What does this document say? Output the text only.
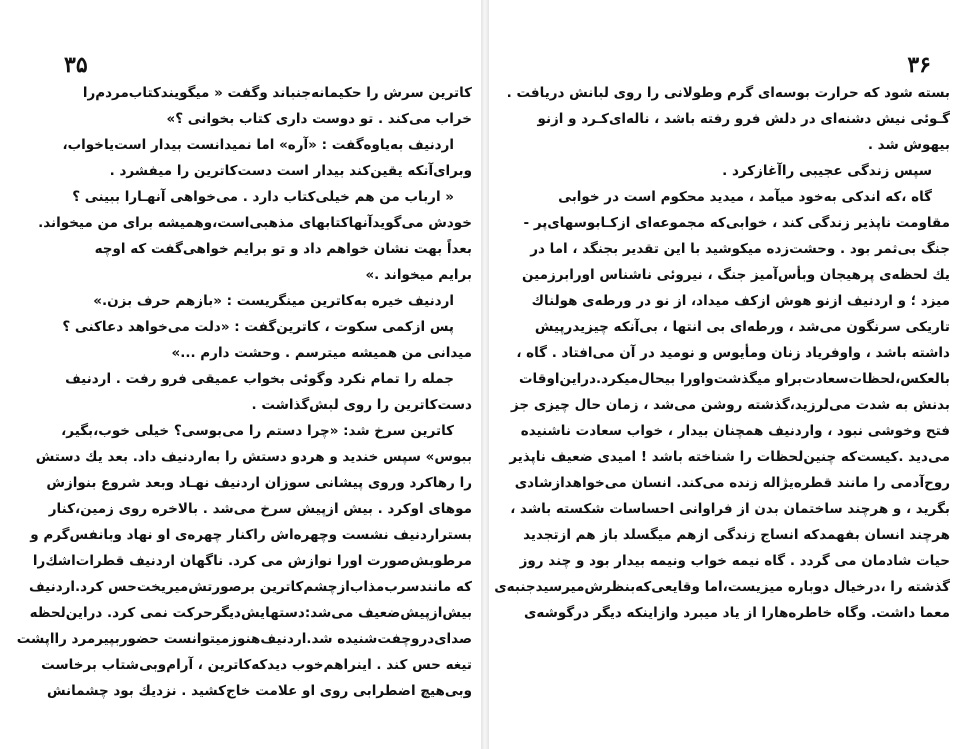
۳۵
كاترين سرش را حكيمانه‌جنباند وگفت « ميگويندكتاب‌مردم‌را
خراب می‌كند . تو دوست داری كتاب بخوانی ؟»
اردنيف به‌ياوه‌گفت : «آره» اما نميدانست بيدار است‌ياخواب،
وبرای‌آنكه يقين‌كند بيدار است دست‌كاترين را ميفشرد .
« ارباب من هم خيلی‌كتاب دارد . می‌خواهی آنهـا‌را ببينی ؟
خودش می‌گويدآنها‌كتابهای مذهبی‌است،وهميشه برای من ميخواند.
بعداً بهت نشان خواهم داد و تو برايم خواهی‌گفت كه اوچه
برايم ميخواند .»
اردنيف خيره به‌كاترين مينگريست : «بازهم حرف بزن.»
پس ازكمی سكوت ، كاترين‌گفت : «دلت می‌خواهد دعاكنی ؟
ميدانی من هميشه ميترسم . وحشت دارم ...»
جمله را تمام نكرد وگوئی بخواب عميقی فرو رفت . اردنيف
دست‌كاترين را روی لبش‌گذاشت .
كاترين سرخ شد: «چرا دستم را می‌بوسی؟ خيلی خوب،بگير،
ببوس» سپس خنديد و هردو دستش را به‌اردنيف داد. بعد يك دستش
را رهاكرد وروی پيشانی سوزان اردنيف نهـاد وبعد شروع بنوازش
موهای اوكرد . بيش ازپيش سرخ می‌شد . بالاخره روی زمين،كنار
بستراردنيف نشست وچهره‌اش راكنار چهره‌ی او نهاد وبانفس‌گرم و
مرطوبش‌صورت اورا نوازش می كرد. ناگهان اردنيف قطرات‌اشك‌را
كه مانندسرب‌مذاب‌ازچشم‌كاترين برصورتش‌ميريخت‌حس كرد.اردنيف
بيش‌ازپيش‌ضعيف می‌شد:دستهايش‌ديگرحركت نمی كرد. دراين‌لحظه
صدای‌دروچفت‌شنيده شد.اردنيف‌هنوزميتوانست حضوربپيرمرد رااپشت
تيغه حس كند . اينراهم‌خوب ديدكه‌كاترين ، آرام‌وبی‌شتاب برخاست
وبی‌هيچ اضطرابی روی او علامت خاج‌كشيد . نزديك بود چشمانش
۳۶
بسته شود كه حرارت بوسه‌ای گرم وطولانی را روی لبانش دريافت .
گـوئی نيش دشنه‌ای در دلش فرو رفته باشد ، ناله‌ای‌كـرد و ازنو
بيهوش شد .
سپس زندگی عجيبی راآغازكرد .
گاه ،كه اندكی به‌خود ميآمد ، ميديد محكوم است در خوابی
مقاومت ناپذير زندگی كند ، خوابی‌كه مجموعه‌ای ازكـابوسهای‌پر -
جنگ بی‌ثمر بود . وحشت‌زده ميكوشيد با اين تقدير بجنگد ، اما در
يك لحظه‌ی پرهيجان وبأس‌آميز جنگ ، نيروئی ناشناس اورابرزمين
ميزد ؛ و اردنيف ازنو هوش ازكف ميداد، از نو در ورطه‌ی هولناك
تاريكی سرنگون می‌شد ، ورطه‌ای بی انتها ، بی‌آنكه چيزیدرپيش
داشته باشد ، واوفرياد زنان ومأيوس و نوميد در آن می‌افتاد . گاه ،
بالعكس،لحظات‌سعادت‌براو ميگذشت‌واورا بيحال‌ميكرد.دراين‌اوقات
بدنش به شدت می‌لرزيد،گذشته روشن می‌شد ، زمان حال چيزی جز
فتح وخوشی نبود ، واردنيف همچنان بيدار ، خواب سعادت ناشنيده
می‌ديد .كيست‌كه چنين‌لحظات را شناخته باشد ! اميدی ضعيف ناپذير
روح‌آدمی را مانند قطره‌یژاله زنده می‌كند. انسان می‌خواهدازشادی
بگريد ، و هرچند ساختمان بدن از فراوانی احساسات شكسته باشد ،
هرچند انسان بفهمدكه انساج زندگی ازهم ميگسلد باز هم ازتجديد
حيات شادمان می گردد . گاه نيمه خواب ونيمه بيدار بود و چند روز
گذشته را ،درخيال دوباره ميزيست،اما وقايعی‌كه‌بنظرش‌ميرسيدجنبه‌ی
معما داشت. وگاه خاطره‌هارا از ياد ميبرد وازاينكه ديگر درگوشه‌ی
